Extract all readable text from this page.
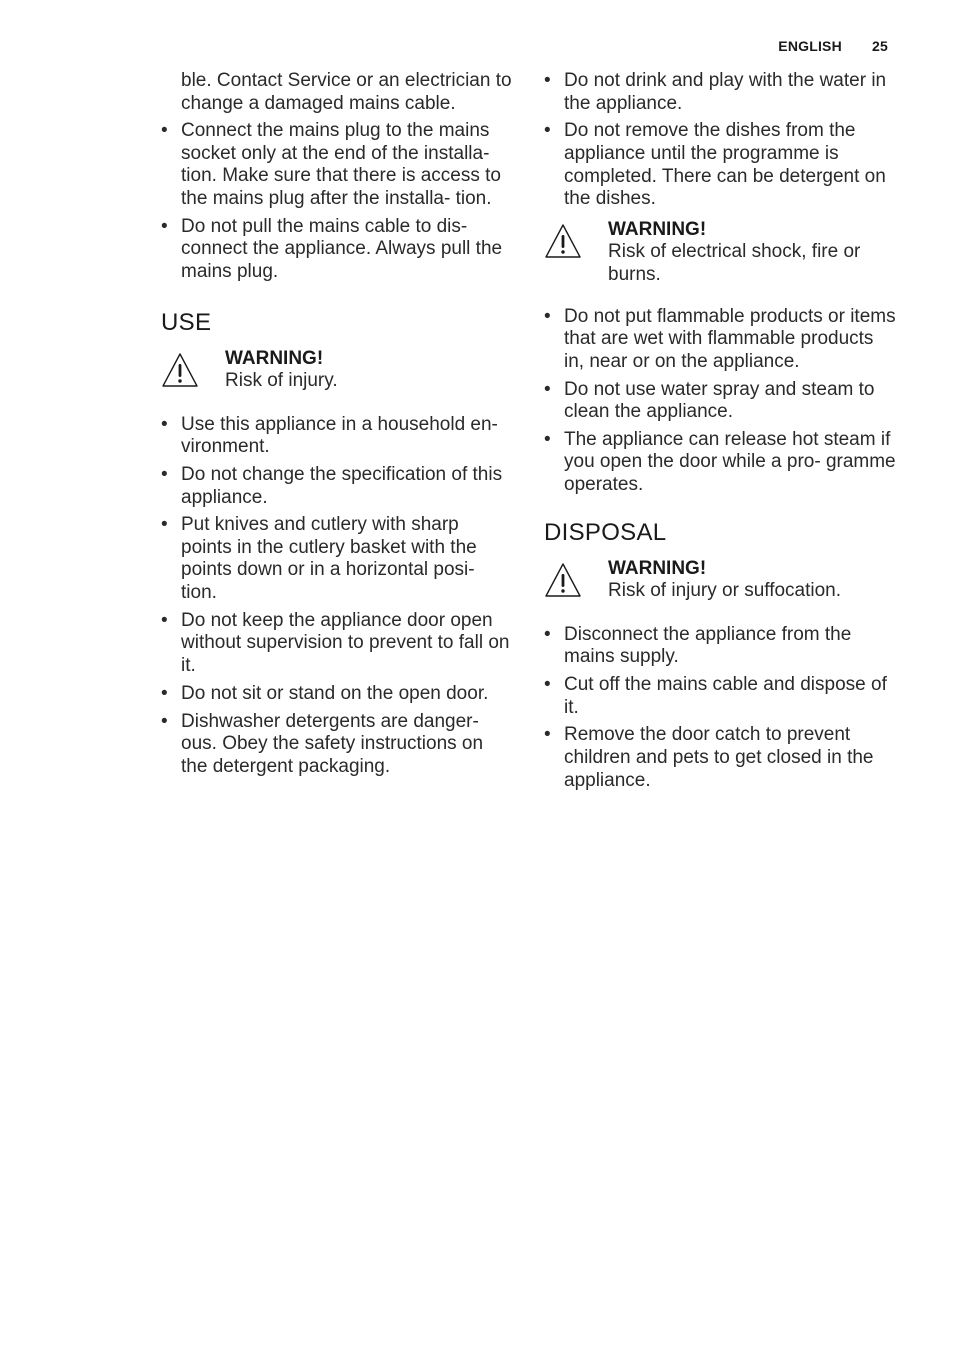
ENGLISH 25

ble. Contact Service or an electrician to change a damaged mains cable.

• Connect the mains plug to the mains socket only at the end of the installa- tion. Make sure that there is access to the mains plug after the installa- tion.
• Do not pull the mains cable to dis- connect the appliance. Always pull the mains plug.
USE
WARNING!
Risk of injury.
• Use this appliance in a household en- vironment.
• Do not change the specification of this appliance.
• Put knives and cutlery with sharp points in the cutlery basket with the points down or in a horizontal posi- tion.
• Do not keep the appliance door open without supervision to prevent to fall on it.
• Do not sit or stand on the open door.
• Dishwasher detergents are danger- ous. Obey the safety instructions on the detergent packaging.
• Do not drink and play with the water in the appliance.
• Do not remove the dishes from the appliance until the programme is completed. There can be detergent on the dishes.
WARNING!
Risk of electrical shock, fire or burns.
• Do not put flammable products or items that are wet with flammable products in, near or on the appliance.
• Do not use water spray and steam to clean the appliance.
• The appliance can release hot steam if you open the door while a pro- gramme operates.
DISPOSAL
WARNING!
Risk of injury or suffocation.
• Disconnect the appliance from the mains supply.
• Cut off the mains cable and dispose of it.
• Remove the door catch to prevent children and pets to get closed in the appliance.
